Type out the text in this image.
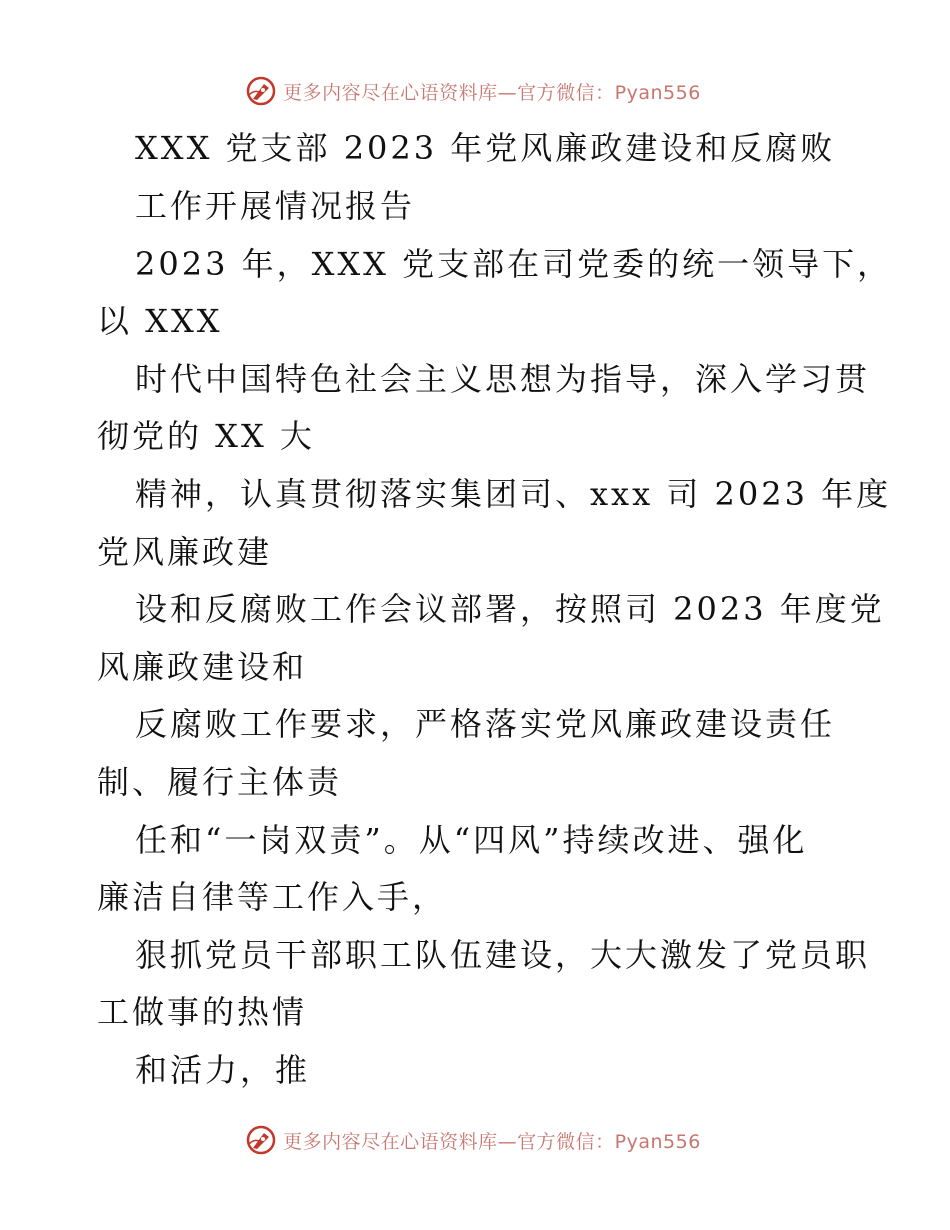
更多内容尽在心语资料库—官方微信：Pyan556
XXX 党支部 2023 年党风廉政建设和反腐败
工作开展情况报告
2023 年，XXX 党支部在司党委的统一领导下，
以 XXX
时代中国特色社会主义思想为指导，深入学习贯
彻党的 XX 大
精神，认真贯彻落实集团司、xxx 司 2023 年度
党风廉政建
设和反腐败工作会议部署，按照司 2023 年度党
风廉政建设和
反腐败工作要求，严格落实党风廉政建设责任
制、履行主体责
任和“一岗双责”。从“四风”持续改进、强化
廉洁自律等工作入手，
狠抓党员干部职工队伍建设，大大激发了党员职
工做事的热情
和活力，推
更多内容尽在心语资料库—官方微信：Pyan556
